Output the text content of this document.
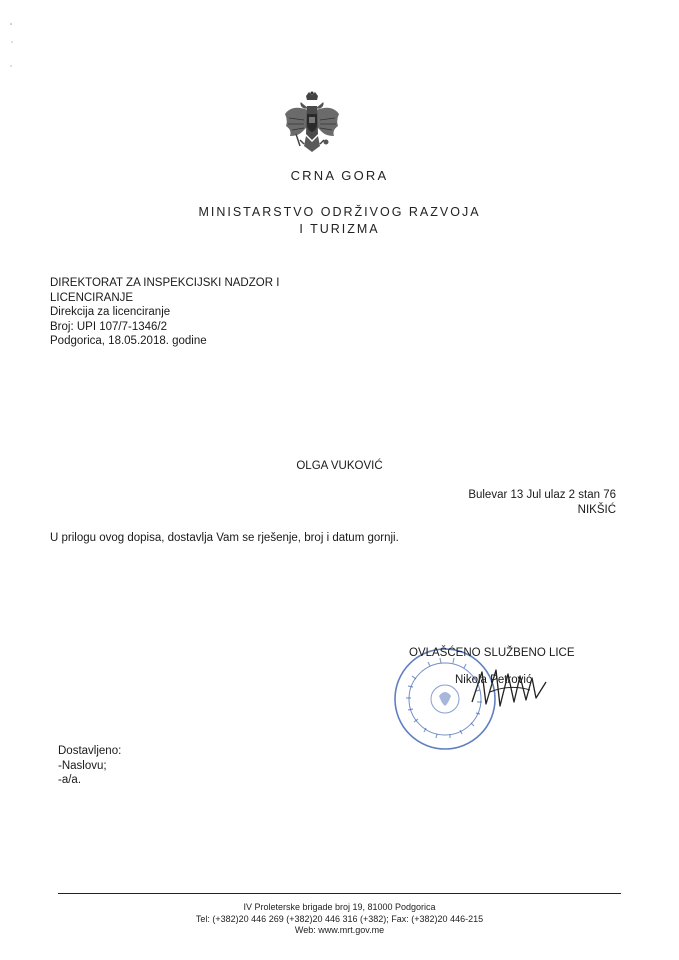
CRNA GORA
MINISTARSTVO ODRŽIVOG RAZVOJA
I TURIZMA
DIREKTORAT ZA INSPEKCIJSKI NADZOR I
LICENCIRANJE
Direkcija za licenciranje
Broj: UPI 107/7-1346/2
Podgorica, 18.05.2018. godine
OLGA VUKOVIĆ
Bulevar 13 Jul ulaz 2 stan 76
NIKŠIĆ
U prilogu ovog dopisa, dostavlja Vam se rješenje, broj i datum gornji.
OVLAŠĆENO SLUŽBENO LICE
Nikola Petrović
Dostavljeno:
-Naslovu;
-a/a.
IV Proleterske brigade broj 19, 81000 Podgorica
Tel: (+382)20 446 269 (+382)20 446 316 (+382); Fax: (+382)20 446-215
Web: www.mrt.gov.me
